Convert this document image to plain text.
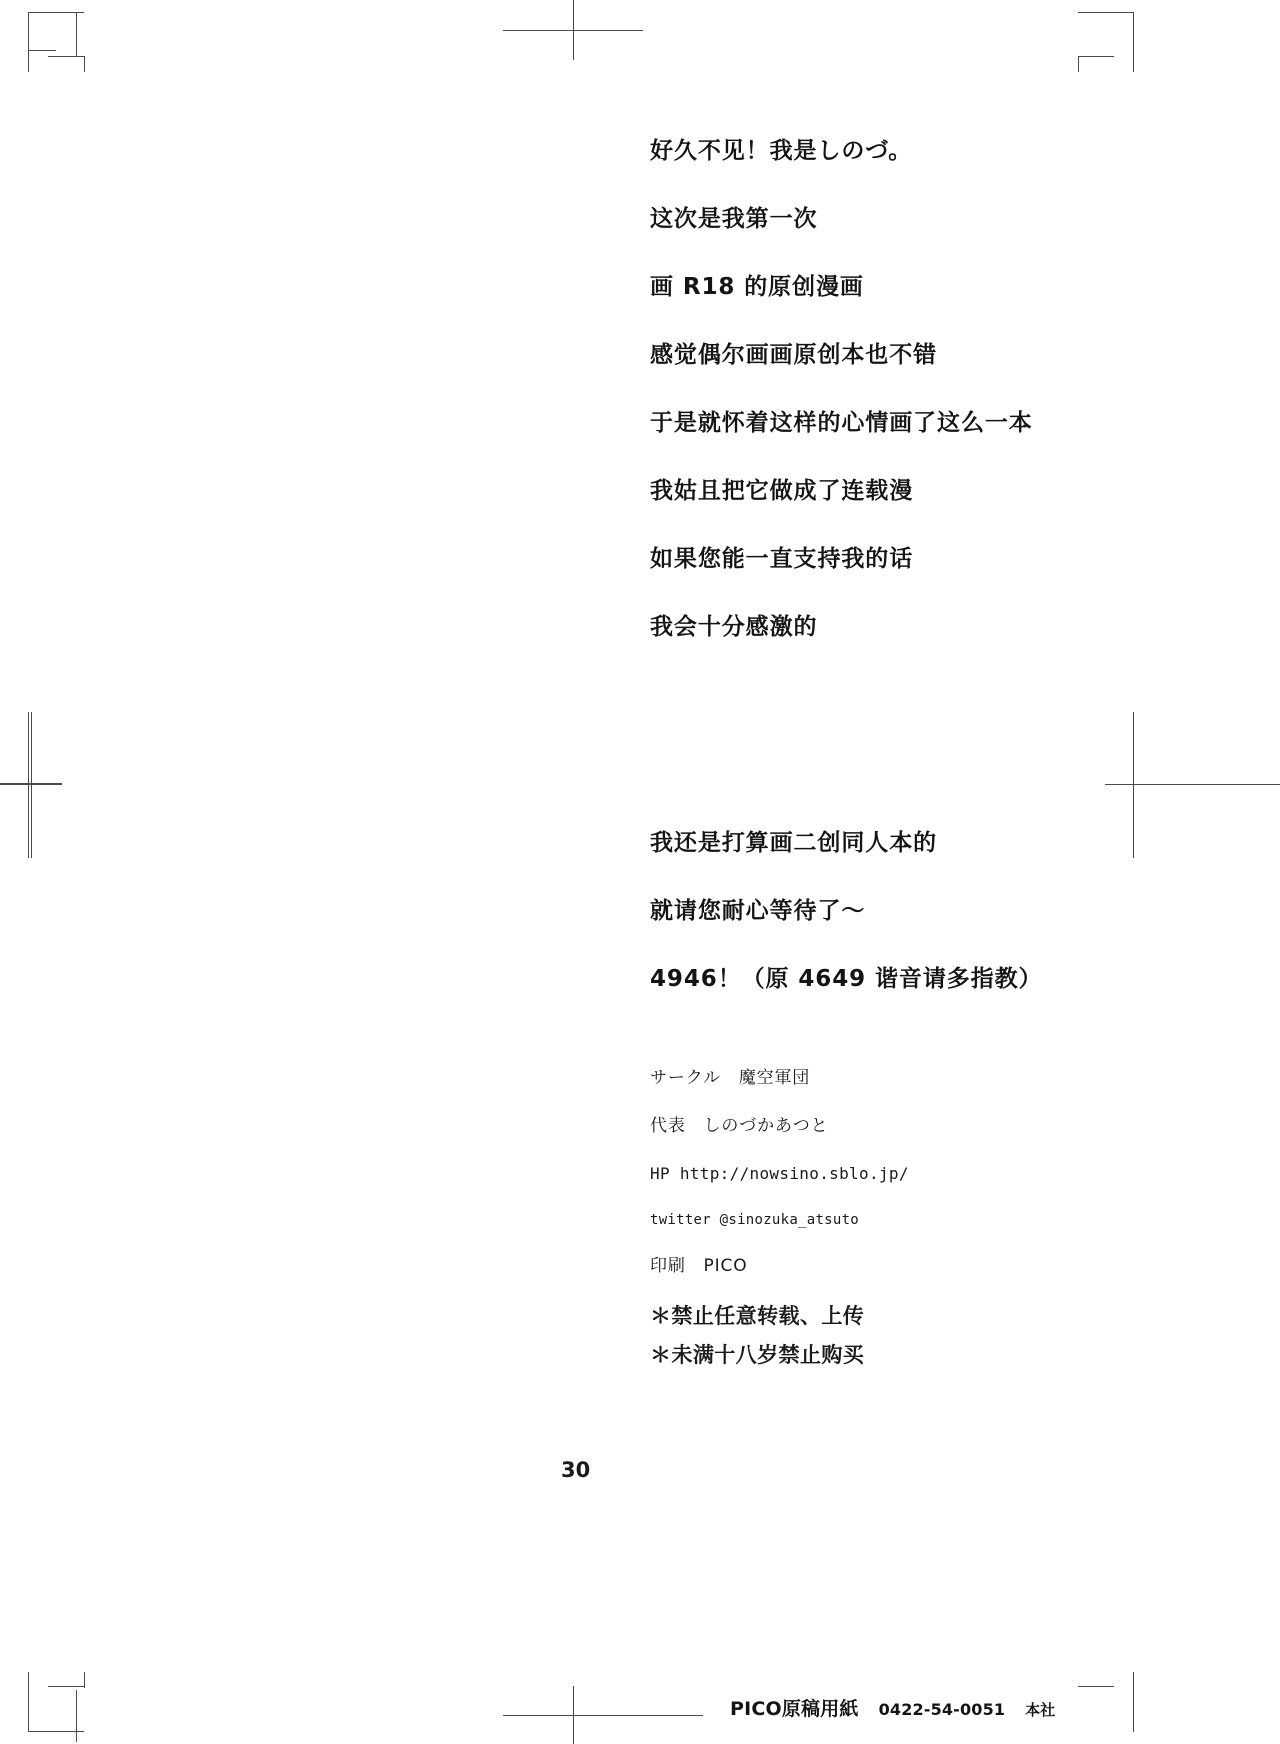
好久不见！我是しのづ。
这次是我第一次
画 R18 的原创漫画
感觉偶尔画画原创本也不错
于是就怀着这样的心情画了这么一本
我姑且把它做成了连载漫
如果您能一直支持我的话
我会十分感激的
我还是打算画二创同人本的
就请您耐心等待了～
4946！（原 4649 谐音请多指教）
サークル　魔空軍団
代表　しのづかあつと
HP http://nowsino.sblo.jp/
twitter @sinozuka_atsuto
印刷　PICO
＊禁止任意转载、上传
＊未满十八岁禁止购买
30
PICO原稿用紙 0422-54-0051 本社
